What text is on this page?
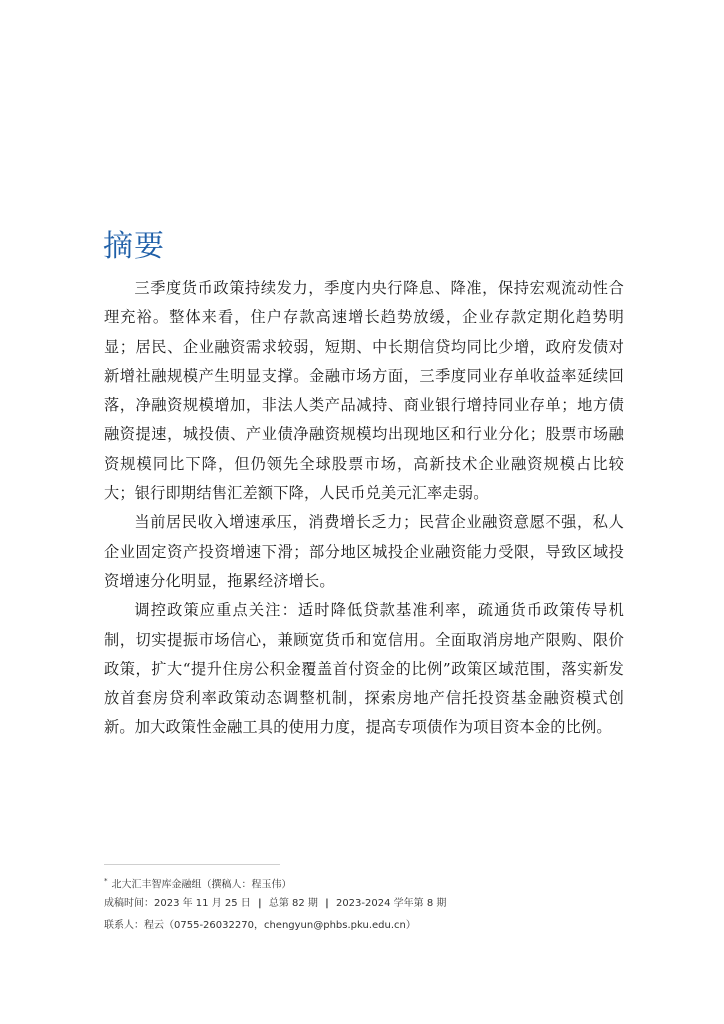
摘要

三季度货币政策持续发力，季度内央行降息、降准，保持宏观流动性合理充裕。整体来看，住户存款高速增长趋势放缓，企业存款定期化趋势明显；居民、企业融资需求较弱，短期、中长期信贷均同比少增，政府发债对新增社融规模产生明显支撑。金融市场方面，三季度同业存单收益率延续回落，净融资规模增加，非法人类产品减持、商业银行增持同业存单；地方债融资提速，城投债、产业债净融资规模均出现地区和行业分化；股票市场融资规模同比下降，但仍领先全球股票市场，高新技术企业融资规模占比较大；银行即期结售汇差额下降，人民币兑美元汇率走弱。

当前居民收入增速承压，消费增长乏力；民营企业融资意愿不强，私人企业固定资产投资增速下滑；部分地区城投企业融资能力受限，导致区域投资增速分化明显，拖累经济增长。

调控政策应重点关注：适时降低贷款基准利率，疏通货币政策传导机制，切实提振市场信心，兼顾宽货币和宽信用。全面取消房地产限购、限价政策，扩大“提升住房公积金覆盖首付资金的比例”政策区域范围，落实新发放首套房贷利率政策动态调整机制，探索房地产信托投资基金融资模式创新。加大政策性金融工具的使用力度，提高专项债作为项目资本金的比例。

* 北大汇丰智库金融组（撰稿人：程玉伟）
成稿时间：2023 年 11 月 25 日 | 总第 82 期 | 2023-2024 学年第 8 期
联系人：程云（0755-26032270，chengyun@phbs.pku.edu.cn）
